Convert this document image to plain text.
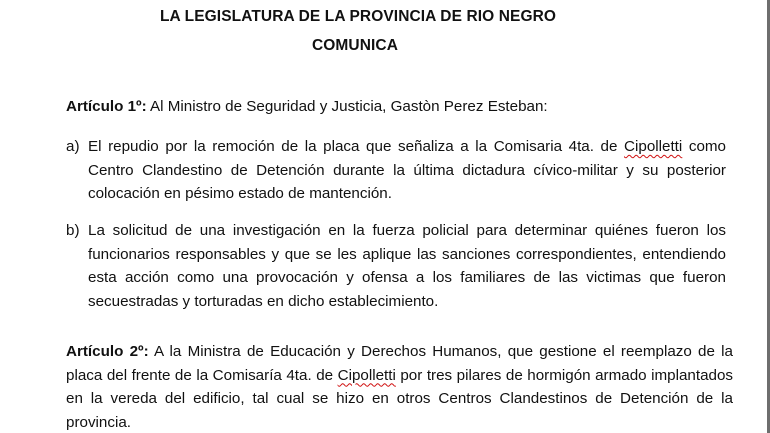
LA LEGISLATURA DE LA PROVINCIA DE RIO NEGRO
COMUNICA
Artículo 1º: Al Ministro de Seguridad y Justicia, Gastòn Perez Esteban:
a) El repudio por la remoción de la placa que señaliza a la Comisaria 4ta. de Cipolletti como Centro Clandestino de Detención durante la última dictadura cívico-militar y su posterior colocación en pésimo estado de mantención.
b) La solicitud de una investigación en la fuerza policial para determinar quiénes fueron los funcionarios responsables y que se les aplique las sanciones correspondientes, entendiendo esta acción como una provocación y ofensa a los familiares de las victimas que fueron secuestradas y torturadas en dicho establecimiento.
Artículo 2º: A la Ministra de Educación y Derechos Humanos, que gestione el reemplazo de la placa del frente de la Comisaría 4ta. de Cipolletti por tres pilares de hormigón armado implantados en la vereda del edificio, tal cual se hizo en otros Centros Clandestinos de Detención de la provincia.
